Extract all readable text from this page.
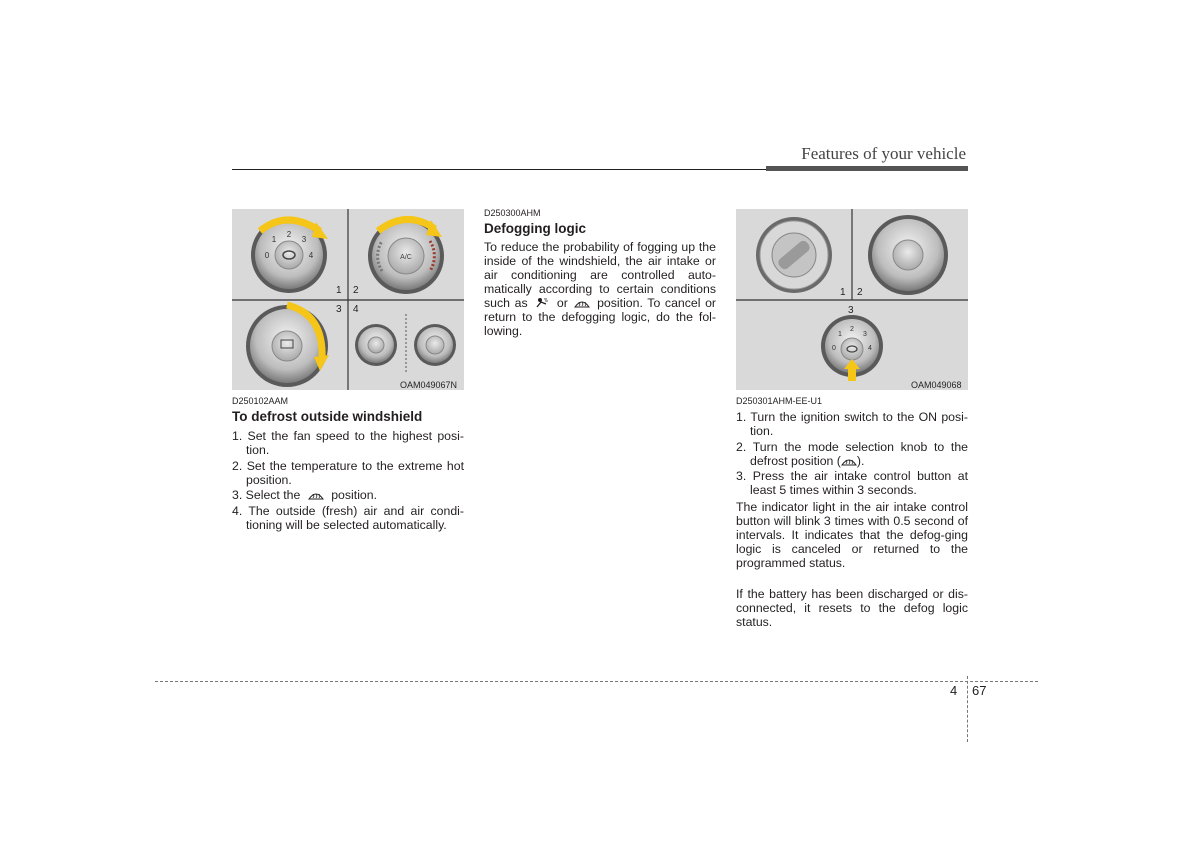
Features of your vehicle
2
1	3
0	4	A/C
1 2
3 4
OAM049067N
D250102AAM
To defrost outside windshield
1. Set the fan speed to the highest posi-tion.
2. Set the temperature to the extreme hot position.
3. Select the	position.
4. The outside (fresh) air and air condi-tioning will be selected automatically.
D250300AHM
Defogging logic
To reduce the probability of fogging up the inside of the windshield, the air intake or air conditioning are controlled auto-matically according to certain conditions such as or position. To cancel or return to the defogging logic, do the fol-lowing.	2
1	3
0	4
1 2
3
OAM049068
D250301AHM-EE-U1
1. Turn the ignition switch to the ON posi-tion.
2. Turn the mode selection knob to the defrost position ( ).
3. Press the air intake control button at least 5 times within 3 seconds.
The indicator light in the air intake control button will blink 3 times with 0.5 second of intervals. It indicates that the defog-ging logic is canceled or returned to the programmed status.
If the battery has been discharged or dis-connected, it resets to the defog logic status.
4 67
